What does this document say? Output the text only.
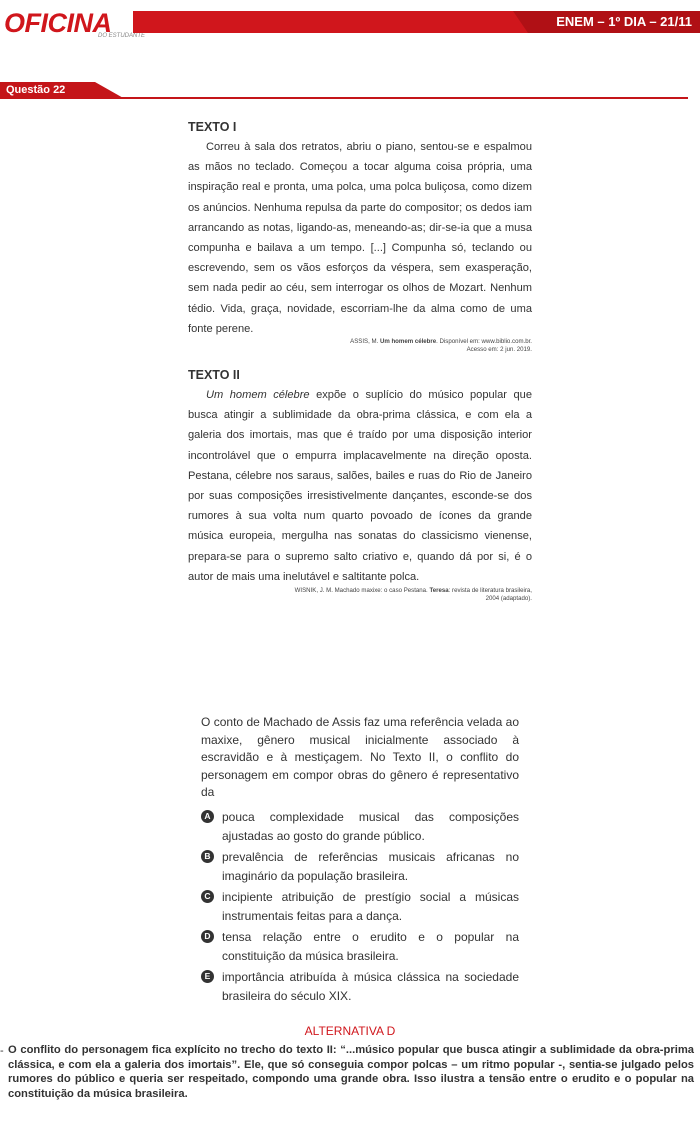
OFICINA
DO ESTUDANTE
ENEM – 1º DIA – 21/11
Questão 22
TEXTO I

Correu à sala dos retratos, abriu o piano, sentou-se e espalmou as mãos no teclado. Começou a tocar alguma coisa própria, uma inspiração real e pronta, uma polca, uma polca buliçosa, como dizem os anúncios. Nenhuma repulsa da parte do compositor; os dedos iam arrancando as notas, ligando-as, meneando-as; dir-se-ia que a musa compunha e bailava a um tempo. [...] Compunha só, teclando ou escrevendo, sem os vãos esforços da véspera, sem exasperação, sem nada pedir ao céu, sem interrogar os olhos de Mozart. Nenhum tédio. Vida, graça, novidade, escorriam-lhe da alma como de uma fonte perene.

ASSIS, M. Um homem célebre. Disponível em: www.biblio.com.br.
Acesso em: 2 jun. 2019.
TEXTO II

Um homem célebre expõe o suplício do músico popular que busca atingir a sublimidade da obra-prima clássica, e com ela a galeria dos imortais, mas que é traído por uma disposição interior incontrolável que o empurra implacavelmente na direção oposta. Pestana, célebre nos saraus, salões, bailes e ruas do Rio de Janeiro por suas composições irresistivelmente dançantes, esconde-se dos rumores à sua volta num quarto povoado de ícones da grande música europeia, mergulha nas sonatas do classicismo vienense, prepara-se para o supremo salto criativo e, quando dá por si, é o autor de mais uma inelutável e saltitante polca.

WISNIK, J. M. Machado maxixe: o caso Pestana. Teresa: revista de literatura brasileira,
2004 (adaptado).
O conto de Machado de Assis faz uma referência velada ao maxixe, gênero musical inicialmente associado à escravidão e à mestiçagem. No Texto II, o conflito do personagem em compor obras do gênero é representativo da
A pouca complexidade musical das composições ajustadas ao gosto do grande público.
B prevalência de referências musicais africanas no imaginário da população brasileira.
C incipiente atribuição de prestígio social a músicas instrumentais feitas para a dança.
D tensa relação entre o erudito e o popular na constituição da música brasileira.
E importância atribuída à música clássica na sociedade brasileira do século XIX.
ALTERNATIVA D
- O conflito do personagem fica explícito no trecho do texto II: “...músico popular que busca atingir a sublimidade da obra-prima clássica, e com ela a galeria dos imortais”. Ele, que só conseguia compor polcas – um ritmo popular -, sentia-se julgado pelos rumores do público e queria ser respeitado, compondo uma grande obra. Isso ilustra a tensão entre o erudito e o popular na constituição da música brasileira.
